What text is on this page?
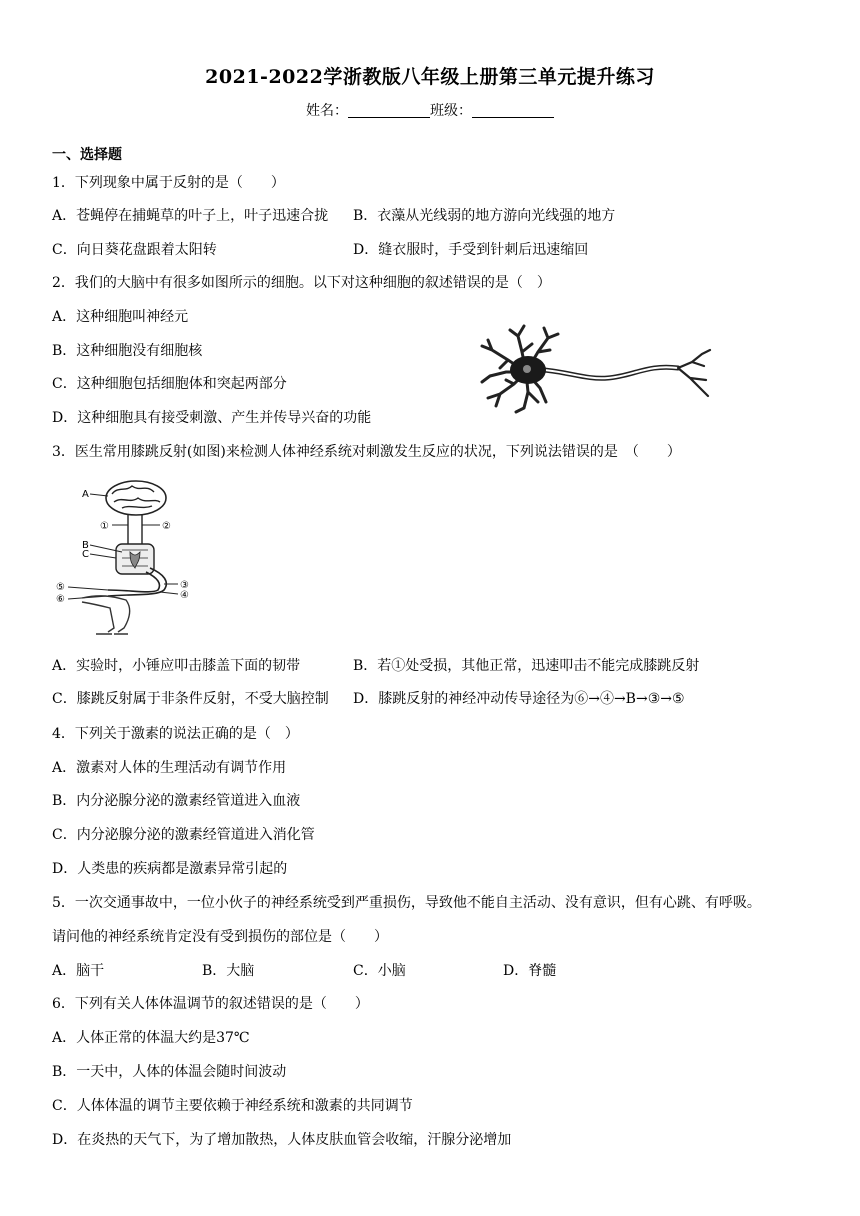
2021-2022学浙教版八年级上册第三单元提升练习
姓名：	班级：
一、选择题
1．下列现象中属于反射的是（　　）
A．苍蝇停在捕蝇草的叶子上，叶子迅速合拢 B．衣藻从光线弱的地方游向光线强的地方
C．向日葵花盘跟着太阳转	D．缝衣服时，手受到针刺后迅速缩回
2．我们的大脑中有很多如图所示的细胞。以下对这种细胞的叙述错误的是（　）
A．这种细胞叫神经元
B．这种细胞没有细胞核
C．这种细胞包括细胞体和突起两部分
D．这种细胞具有接受刺激、产生并传导兴奋的功能
3．医生常用膝跳反射(如图)来检测人体神经系统对刺激发生反应的状况，下列说法错误的是　（　　）
A
①	②
B
C
⑤
⑥
③
④
A．实验时，小锤应叩击膝盖下面的韧带	B．若①处受损，其他正常，迅速叩击不能完成膝跳反射
C．膝跳反射属于非条件反射，不受大脑控制 D．膝跳反射的神经冲动传导途径为⑥→④→B→③→⑤
4．下列关于激素的说法正确的是（　）
A．激素对人体的生理活动有调节作用
B．内分泌腺分泌的激素经管道进入血液
C．内分泌腺分泌的激素经管道进入消化管
D．人类患的疾病都是激素异常引起的
5．一次交通事故中，一位小伙子的神经系统受到严重损伤，导致他不能自主活动、没有意识，但有心跳、有呼吸。
请问他的神经系统肯定没有受到损伤的部位是（　　）
A．脑干	B．大脑	C．小脑	D．脊髓
6．下列有关人体体温调节的叙述错误的是（　　）
A．人体正常的体温大约是37℃
B．一天中，人体的体温会随时间波动
C．人体体温的调节主要依赖于神经系统和激素的共同调节
D．在炎热的天气下，为了增加散热，人体皮肤血管会收缩，汗腺分泌增加
